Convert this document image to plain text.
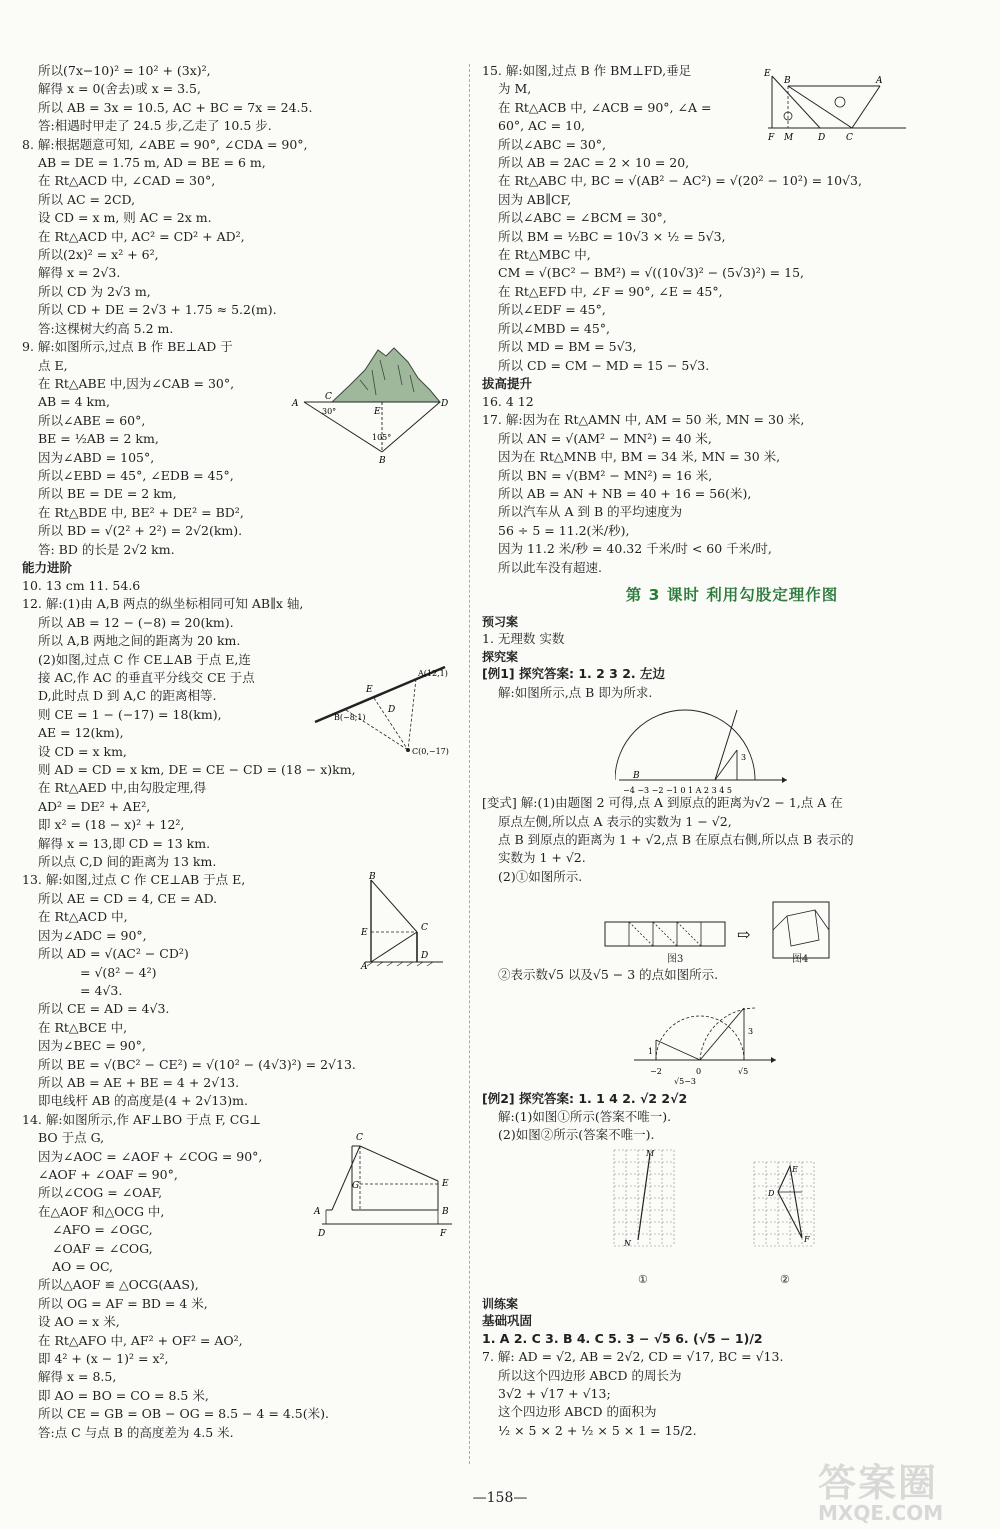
所以(7x−10)² = 10² + (3x)²,
解得 x = 0(舍去)或 x = 3.5,
所以 AB = 3x = 10.5, AC + BC = 7x = 24.5.
答:相遇时甲走了 24.5 步,乙走了 10.5 步.
8. 解:根据题意可知, ∠ABE = 90°, ∠CDA = 90°,
AB = DE = 1.75 m, AD = BE = 6 m,
在 Rt△ACD 中, ∠CAD = 30°,
所以 AC = 2CD,
设 CD = x m, 则 AC = 2x m.
在 Rt△ACD 中, AC² = CD² + AD²,
所以(2x)² = x² + 6²,
解得 x = 2√3.
所以 CD 为 2√3 m,
所以 CD + DE = 2√3 + 1.75 ≈ 5.2(m).
答:这棵树大约高 5.2 m.
9. 解:如图所示,过点 B 作 BE⊥AD 于
点 E,
在 Rt△ABE 中,因为∠CAB = 30°,
AB = 4 km,
所以∠ABE = 60°,
BE = ½AB = 2 km,
因为∠ABD = 105°,
所以∠EBD = 45°, ∠EDB = 45°,
所以 BE = DE = 2 km,
在 Rt△BDE 中, BE² + DE² = BD²,
所以 BD = √(2² + 2²) = 2√2(km).
答: BD 的长是 2√2 km.
能力进阶
10. 13 cm 11. 54.6
12. 解:(1)由 A,B 两点的纵坐标相同可知 AB∥x 轴,
所以 AB = 12 − (−8) = 20(km).
所以 A,B 两地之间的距离为 20 km.
(2)如图,过点 C 作 CE⊥AB 于点 E,连
接 AC,作 AC 的垂直平分线交 CE 于点
D,此时点 D 到 A,C 的距离相等.
则 CE = 1 − (−17) = 18(km),
AE = 12(km),
设 CD = x km,
则 AD = CD = x km, DE = CE − CD = (18 − x)km,
在 Rt△AED 中,由勾股定理,得
AD² = DE² + AE²,
即 x² = (18 − x)² + 12²,
解得 x = 13,即 CD = 13 km.
所以点 C,D 间的距离为 13 km.
13. 解:如图,过点 C 作 CE⊥AB 于点 E,
所以 AE = CD = 4, CE = AD.
在 Rt△ACD 中,
因为∠ADC = 90°,
所以 AD = √(AC² − CD²)
= √(8² − 4²)
= 4√3.
所以 CE = AD = 4√3.
在 Rt△BCE 中,
因为∠BEC = 90°,
所以 BE = √(BC² − CE²) = √(10² − (4√3)²) = 2√13.
所以 AB = AE + BE = 4 + 2√13.
即电线杆 AB 的高度是(4 + 2√13)m.
14. 解:如图所示,作 AF⊥BO 于点 F, CG⊥
BO 于点 G,
因为∠AOC = ∠AOF + ∠COG = 90°,
∠AOF + ∠OAF = 90°,
所以∠COG = ∠OAF,
在△AOF 和△OCG 中,
∠AFO = ∠OGC,
∠OAF = ∠COG,
AO = OC,
所以△AOF ≌ △OCG(AAS),
所以 OG = AF = BD = 4 米,
设 AO = x 米,
在 Rt△AFO 中, AF² + OF² = AO²,
即 4² + (x − 1)² = x²,
解得 x = 8.5,
即 AO = BO = CO = 8.5 米,
所以 CE = GB = OB − OG = 8.5 − 4 = 4.5(米).
答:点 C 与点 B 的高度差为 4.5 米.
A
C
E
D
B
30°
105°
E
A(12,1)
D
B(−8,1)
C(0,−17)
B
C
E
A
D
C
G
A
E
B
D	F
15. 解:如图,过点 B 作 BM⊥FD,垂足
为 M,
在 Rt△ACB 中, ∠ACB = 90°, ∠A =
60°, AC = 10,
所以∠ABC = 30°,
所以 AB = 2AC = 2 × 10 = 20,
在 Rt△ABC 中, BC = √(AB² − AC²) = √(20² − 10²) = 10√3,
因为 AB∥CF,
所以∠ABC = ∠BCM = 30°,
所以 BM = ½BC = 10√3 × ½ = 5√3,
在 Rt△MBC 中,
CM = √(BC² − BM²) = √((10√3)² − (5√3)²) = 15,
在 Rt△EFD 中, ∠F = 90°, ∠E = 45°,
所以∠EDF = 45°,
所以∠MBD = 45°,
所以 MD = BM = 5√3,
所以 CD = CM − MD = 15 − 5√3.
拔高提升
16. 4 12
17. 解:因为在 Rt△AMN 中, AM = 50 米, MN = 30 米,
所以 AN = √(AM² − MN²) = 40 米,
因为在 Rt△MNB 中, BM = 34 米, MN = 30 米,
所以 BN = √(BM² − MN²) = 16 米,
所以 AB = AN + NB = 40 + 16 = 56(米),
所以汽车从 A 到 B 的平均速度为
56 ÷ 5 = 11.2(米/秒),
因为 11.2 米/秒 = 40.32 千米/时 < 60 千米/时,
所以此车没有超速.
第 3 课时 利用勾股定理作图
预习案
1. 无理数 实数
探究案
[例1] 探究答案: 1. 2 3 2. 左边
解:如图所示,点 B 即为所求.
[变式] 解:(1)由题图 2 可得,点 A 到原点的距离为√2 − 1,点 A 在
原点左侧,所以点 A 表示的实数为 1 − √2,
点 B 到原点的距离为 1 + √2,点 B 在原点右侧,所以点 B 表示的
实数为 1 + √2.
(2)①如图所示.
图3	图4
②表示数√5 以及√5 − 3 的点如图所示.
[例2] 探究答案: 1. 1 4 2. √2 2√2
解:(1)如图①所示(答案不唯一).
(2)如图②所示(答案不唯一).
①	②
训练案
基础巩固
1. A 2. C 3. B 4. C 5. 3 − √5 6. (√5 − 1)/2
7. 解: AD = √2, AB = 2√2, CD = √17, BC = √13.
所以这个四边形 ABCD 的周长为
3√2 + √17 + √13;
这个四边形 ABCD 的面积为
½ × 5 × 2 + ½ × 5 × 1 = 15/2.
E
B	A
F M	D C
3
B
−4 −3 −2 −1 0 1 A 2 3 4 5
⇨
1
3
−2	0
√5−3
√5
M
N
E
D
F
—158—	答案圈
MXQE.COM
